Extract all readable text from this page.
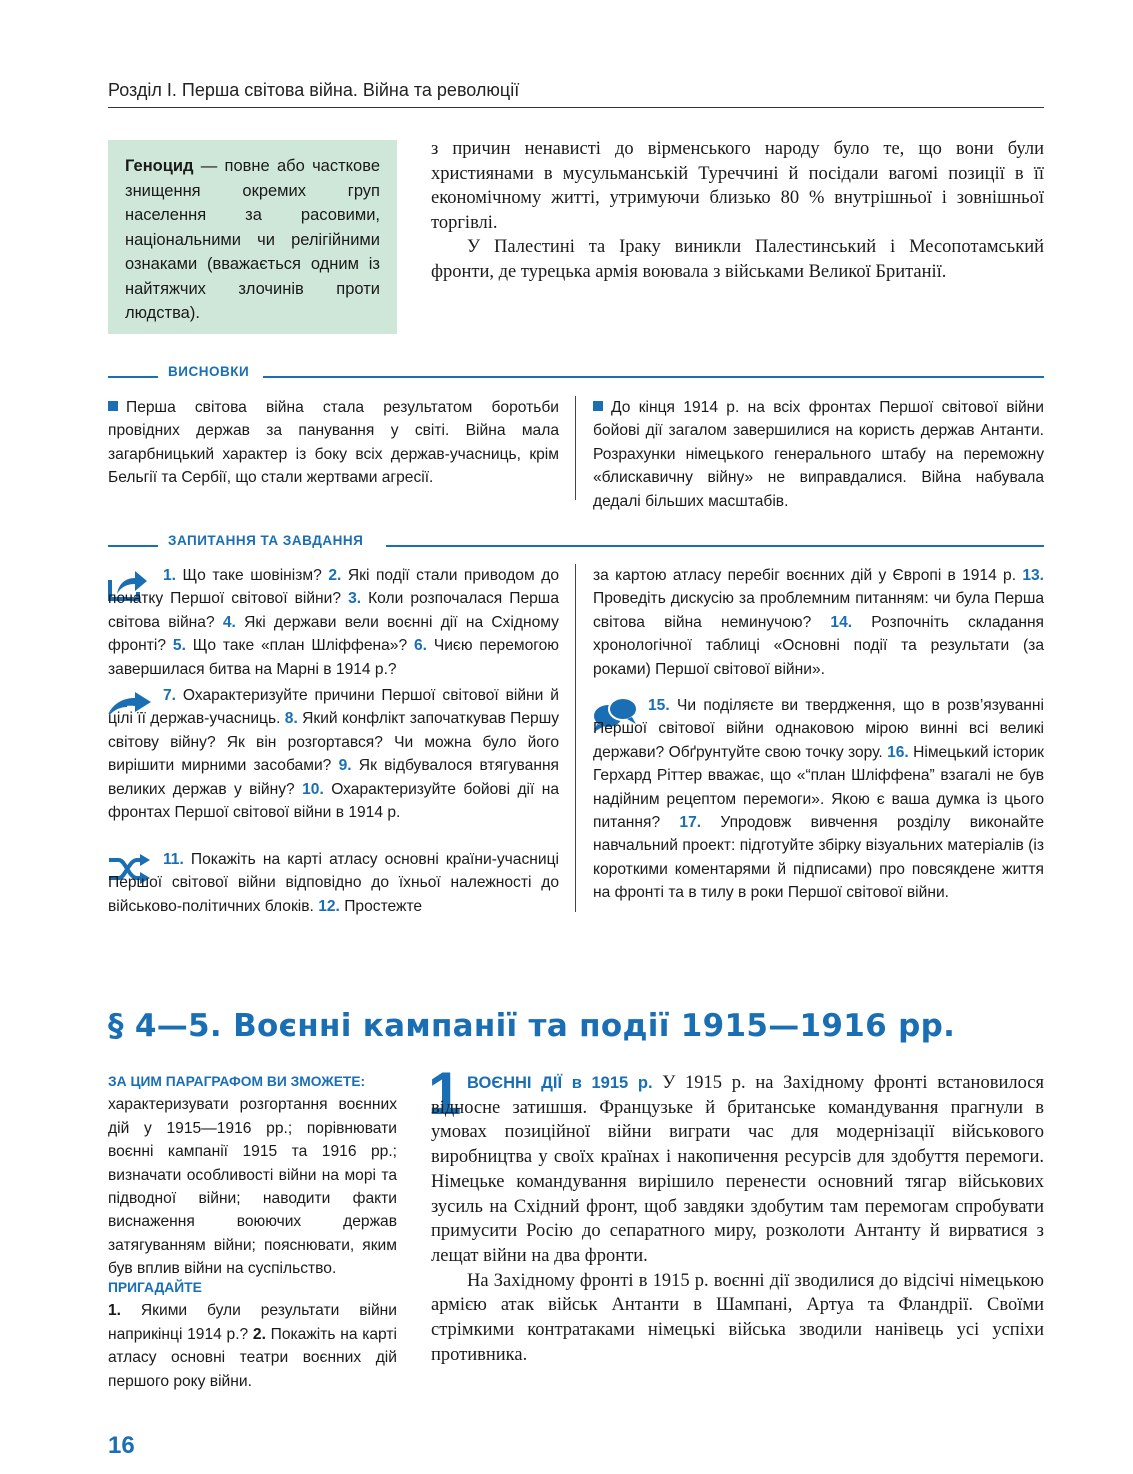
Розділ І. Перша світова війна. Війна та революції
Геноцид — повне або часткове знищення окремих груп населення за расовими, національними чи релігійними ознаками (вважається одним із найтяжчих злочинів проти людства).

з причин ненависті до вірменського народу було те, що вони були християнами в мусульманській Туреччині й посідали вагомі позиції в її економічному житті, утримуючи близько 80 % внутрішньої і зовнішньої торгівлі.

У Палестині та Іраку виникли Палестинський і Месопотамський фронти, де турецька армія воювала з військами Великої Британії.

ВИСНОВКИ
Перша світова війна стала результатом боротьби провідних держав за панування у світі. Війна мала загарбницький характер із боку всіх держав-учасниць, крім Бельгії та Сербії, що стали жертвами агресії.
До кінця 1914 р. на всіх фронтах Першої світової війни бойові дії загалом завершилися на користь держав Антанти. Розрахунки німецького генерального штабу на переможну «блискавичну війну» не виправдалися. Війна набувала дедалі більших масштабів.
ЗАПИТАННЯ ТА ЗАВДАННЯ
1. Що таке шовінізм? 2. Які події стали приводом до початку Першої світової війни? 3. Коли розпочалася Перша світова війна? 4. Які держави вели воєнні дії на Східному фронті? 5. Що таке «план Шліффена»? 6. Чиєю перемогою завершилася битва на Марні в 1914 р.?
7. Охарактеризуйте причини Першої світової війни й цілі її держав-учасниць. 8. Який конфлікт започаткував Першу світову війну? Як він розгортався? Чи можна було його вирішити мирними засобами? 9. Як відбувалося втягування великих держав у війну? 10. Охарактеризуйте бойові дії на фронтах Першої світової війни в 1914 р.
11. Покажіть на карті атласу основні країни-учасниці Першої світової війни відповідно до їхньої належності до військово-політичних блоків. 12. Простежте
за картою атласу перебіг воєнних дій у Європі в 1914 р. 13. Проведіть дискусію за проблемним питанням: чи була Перша світова війна неминучою? 14. Розпочніть складання хронологічної таблиці «Основні події та результати (за роками) Першої світової війни».
15. Чи поділяєте ви твердження, що в розв’язуванні Першої світової війни однаковою мірою винні всі великі держави? Обґрунтуйте свою точку зору. 16. Німецький історик Герхард Ріттер вважає, що «“план Шліффена” взагалі не був надійним рецептом перемоги». Якою є ваша думка із цього питання? 17. Упродовж вивчення розділу виконайте навчальний проект: підготуйте збірку візуальних матеріалів (із короткими коментарями й підписами) про повсякдене життя на фронті та в тилу в роки Першої світової війни.
§ 4—5. Воєнні кампанії та події 1915—1916 рр.
ЗА ЦИМ ПАРАГРАФОМ ВИ ЗМОЖЕТЕ:
характеризувати розгортання воєнних дій у 1915—1916 рр.; порівнювати воєнні кампанії 1915 та 1916 рр.; визначати особливості війни на морі та підводної війни; наводити факти виснаження воюючих держав затягуванням війни; пояснювати, яким був вплив війни на суспільство.
ПРИГАДАЙТЕ
1. Якими були результати війни наприкінці 1914 р.? 2. Покажіть на карті атласу основні театри воєнних дій першого року війни.
1 ВОЄННІ ДІЇ в 1915 р. У 1915 р. на Західному фронті встановилося відносне затишшя. Французьке й британське командування прагнули в умовах позиційної війни виграти час для модернізації військового виробництва у своїх країнах і накопичення ресурсів для здобуття перемоги. Німецьке командування вирішило перенести основний тягар військових зусиль на Східний фронт, щоб завдяки здобутим там перемогам спробувати примусити Росію до сепаратного миру, розколоти Антанту й вирватися з лещат війни на два фронти.

На Західному фронті в 1915 р. воєнні дії зводилися до відсічі німецькою армією атак військ Антанти в Шампані, Артуа та Фландрії. Своїми стрімкими контратаками німецькі війська зводили нанівець усі успіхи противника.

16
